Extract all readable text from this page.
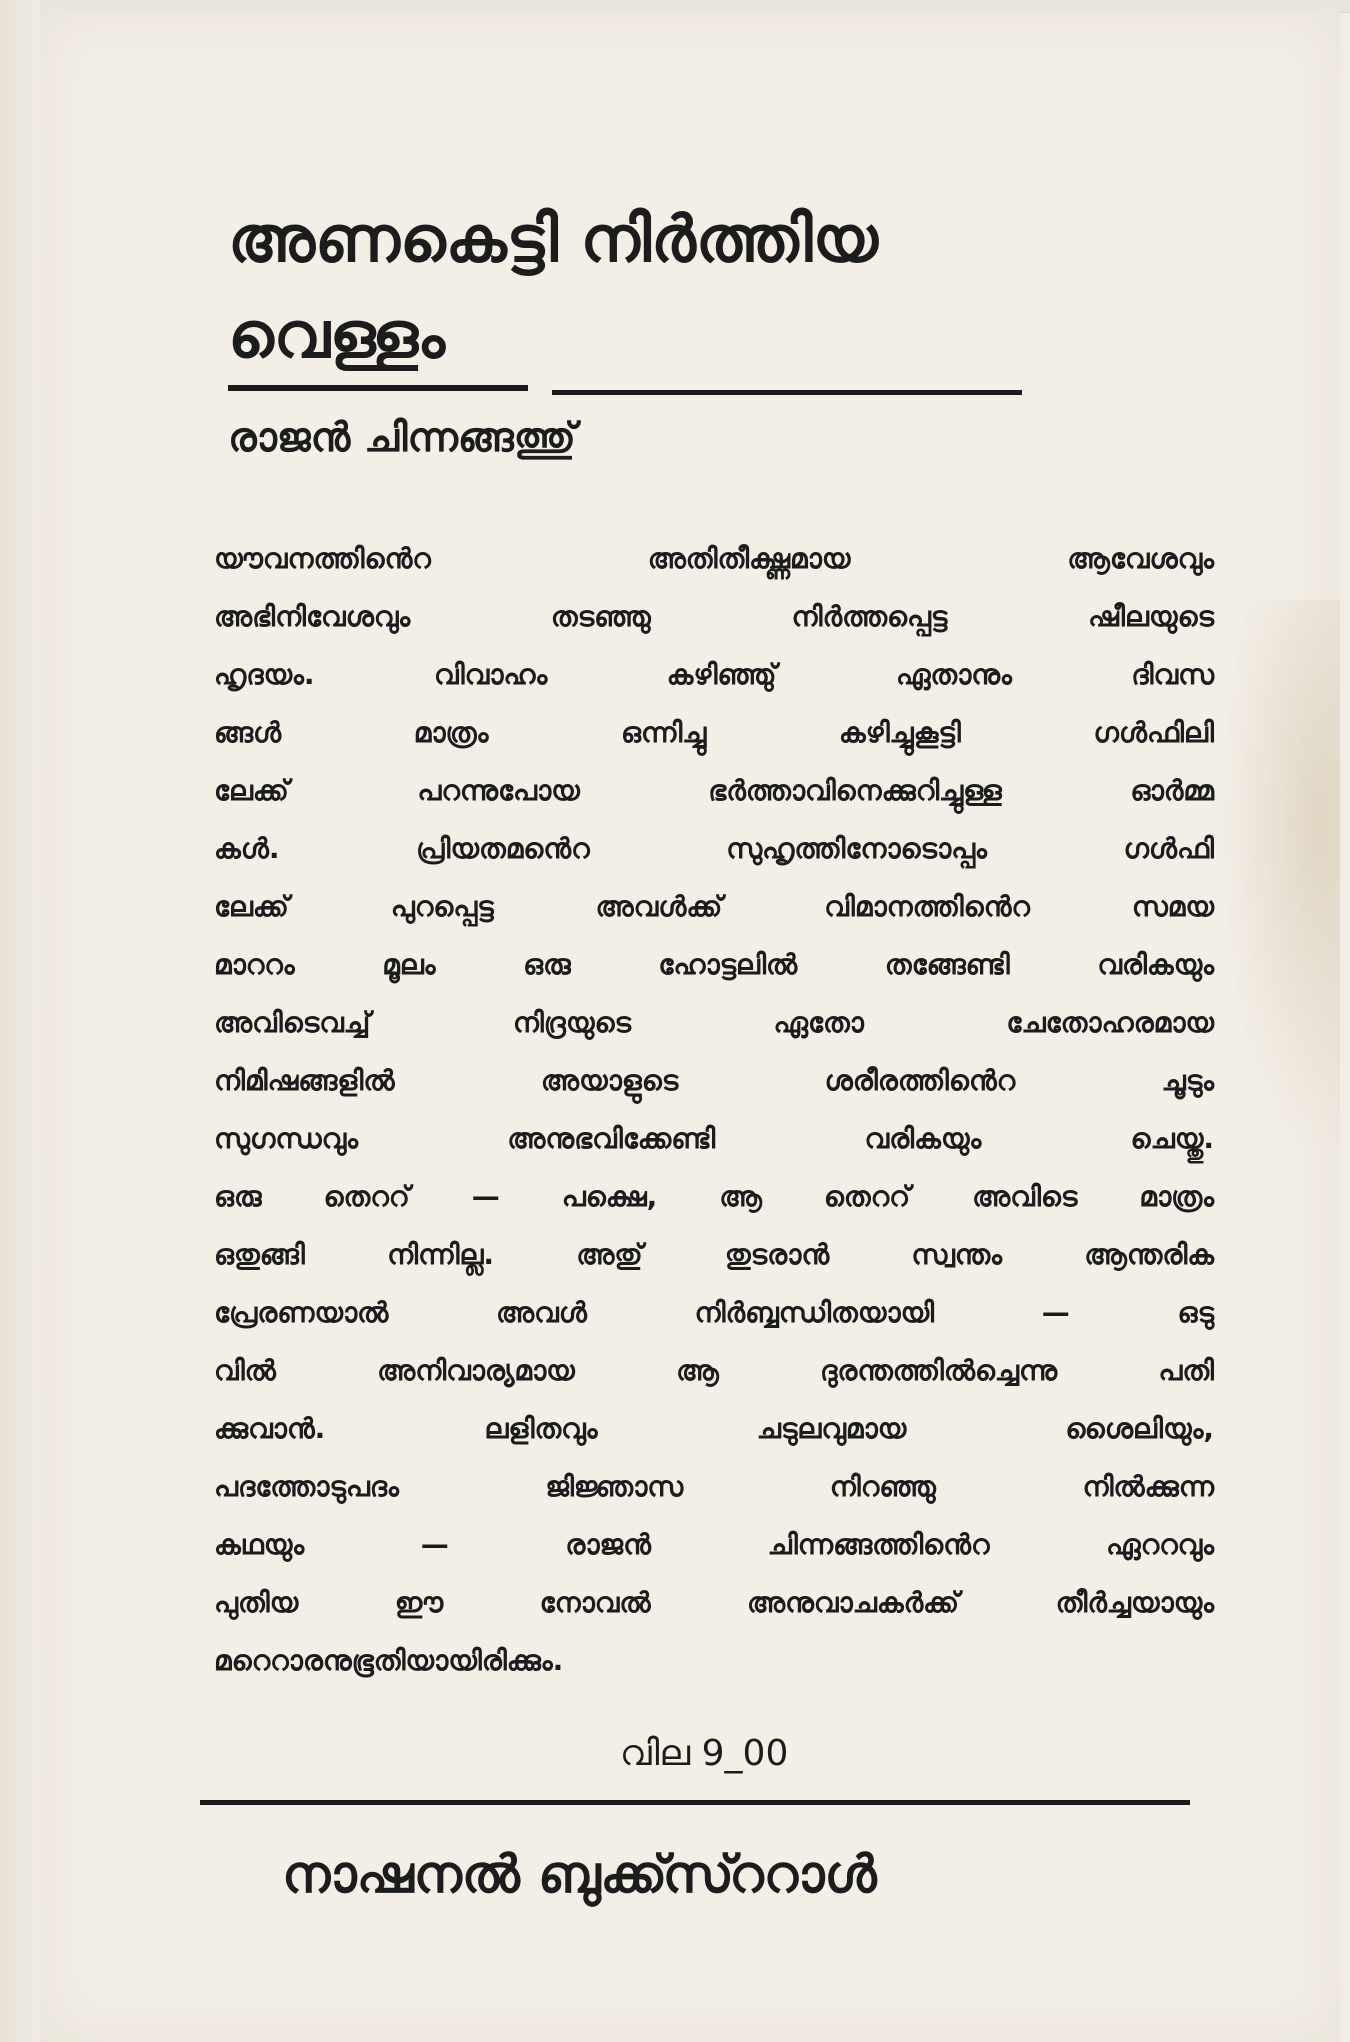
അണകെട്ടി നിർത്തിയ
വെള്ളം
രാജൻ ചിന്നങ്ങത്തു്
യൗവനത്തിൻെറ അതിതീക്ഷ്ണമായ ആവേശവും
അഭിനിവേശവും തടഞ്ഞു നിർത്തപ്പെട്ട ഷീലയുടെ
ഹൃദയം. വിവാഹം കഴിഞ്ഞു് ഏതാനും ദിവസ
ങ്ങൾ മാത്രം ഒന്നിച്ചു കഴിച്ചുകൂട്ടി ഗൾഫിലി
ലേക്ക് പറന്നുപോയ ഭർത്താവിനെക്കുറിച്ചുള്ള ഓർമ്മ
കൾ. പ്രിയതമൻെറ സുഹൃത്തിനോടൊപ്പം ഗൾഫി
ലേക്ക് പുറപ്പെട്ട അവൾക്ക് വിമാനത്തിൻെറ സമയ
മാററം മൂലം ഒരു ഹോട്ടലിൽ തങ്ങേണ്ടി വരികയും
അവിടെവച്ച് നിദ്രയുടെ ഏതോ ചേതോഹരമായ
നിമിഷങ്ങളിൽ അയാളുടെ ശരീരത്തിൻെറ ചൂടും
സുഗന്ധവും അനുഭവിക്കേണ്ടി വരികയും ചെയ്തു.
ഒരു തെററ് — പക്ഷെ, ആ തെററ് അവിടെ മാത്രം
ഒതുങ്ങി നിന്നില്ല. അതു് തുടരാൻ സ്വന്തം ആന്തരിക
പ്രേരണയാൽ അവൾ നിർബ്ബന്ധിതയായി — ഒടു
വിൽ അനിവാര്യമായ ആ ദുരന്തത്തിൽച്ചെന്നു പതി
ക്കുവാൻ. ലളിതവും ചടുലവുമായ ശൈലിയും,
പദത്തോടുപദം ജിജ്ഞാസ നിറഞ്ഞു നിൽക്കുന്ന
കഥയും — രാജൻ ചിന്നങ്ങത്തിൻെറ ഏററവും
പുതിയ ഈ നോവൽ അനുവാചകർക്ക് തീർച്ചയായും
മറെറാരനുഭൂതിയായിരിക്കും.
വില 9_00
നാഷനൽ ബുക്ക്സ്ററാൾ
